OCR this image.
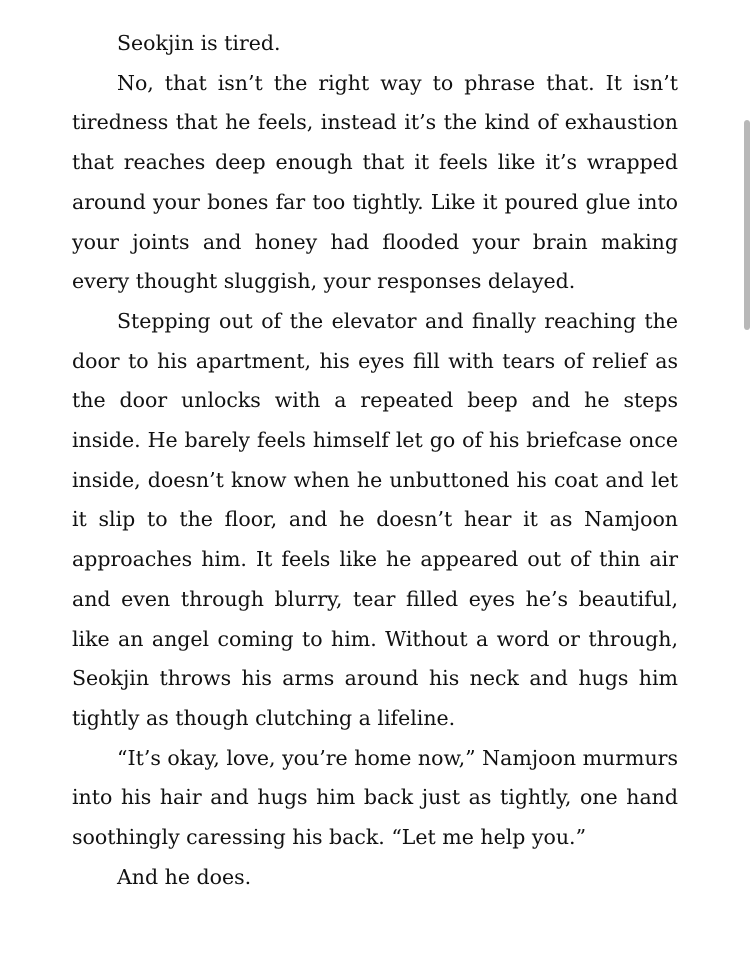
Seokjin is tired.

No, that isn’t the right way to phrase that. It isn’t tiredness that he feels, instead it’s the kind of exhaustion that reaches deep enough that it feels like it’s wrapped around your bones far too tightly. Like it poured glue into your joints and honey had flooded your brain making every thought sluggish, your responses delayed.

Stepping out of the elevator and finally reaching the door to his apartment, his eyes fill with tears of relief as the door unlocks with a repeated beep and he steps inside. He barely feels himself let go of his briefcase once inside, doesn’t know when he unbuttoned his coat and let it slip to the floor, and he doesn’t hear it as Namjoon approaches him. It feels like he appeared out of thin air and even through blurry, tear filled eyes he’s beautiful, like an angel coming to him. Without a word or through, Seokjin throws his arms around his neck and hugs him tightly as though clutching a lifeline.

“It’s okay, love, you’re home now,” Namjoon murmurs into his hair and hugs him back just as tightly, one hand soothingly caressing his back. “Let me help you.”

And he does.
